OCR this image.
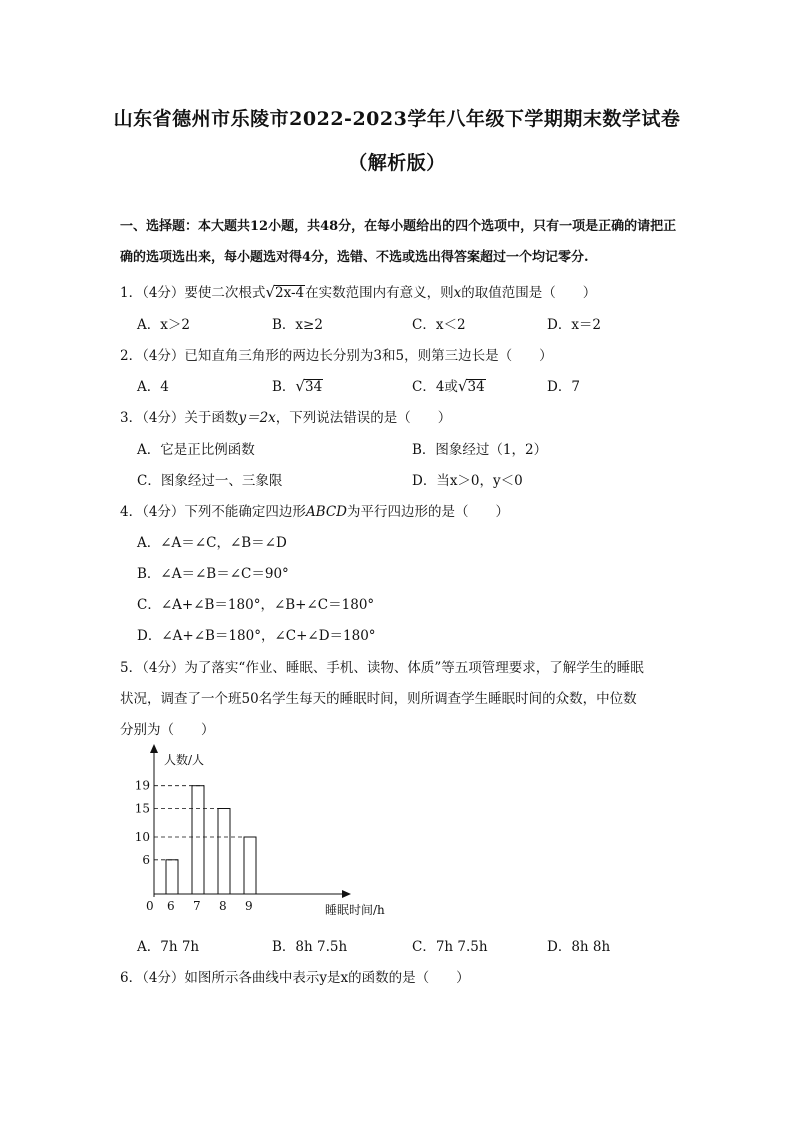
山东省德州市乐陵市2022-2023学年八年级下学期期末数学试卷
（解析版）
一、选择题：本大题共12小题，共48分，在每小题给出的四个选项中，只有一项是正确的请把正确的选项选出来，每小题选对得4分，选错、不选或选出得答案超过一个均记零分.
1．（4分）要使二次根式√2x-4在实数范围内有意义，则x的取值范围是（　　）
A．x＞2	B．x≥2	C．x＜2	D．x＝2
2．（4分）已知直角三角形的两边长分别为3和5，则第三边长是（　　）
A．4	B．√34	C．4或√34	D．7
3．（4分）关于函数y＝2x，下列说法错误的是（　　）
A．它是正比例函数	B．图象经过（1，2）
C．图象经过一、三象限	D．当x＞0，y＜0
4．（4分）下列不能确定四边形ABCD为平行四边形的是（　　）
A．∠A＝∠C，∠B＝∠D
B．∠A＝∠B＝∠C＝90°
C．∠A+∠B＝180°，∠B+∠C＝180°
D．∠A+∠B＝180°，∠C+∠D＝180°
5．（4分）为了落实“作业、睡眠、手机、读物、体质”等五项管理要求，了解学生的睡眠
状况，调查了一个班50名学生每天的睡眠时间，则所调查学生睡眠时间的众数，中位数
分别为（　　）
人数/人
睡眠时间/h
0 6 7 8 9
6
10
15
19
A．7h 7h	B．8h 7.5h	C．7h 7.5h	D．8h 8h
6．（4分）如图所示各曲线中表示y是x的函数的是（　　）
